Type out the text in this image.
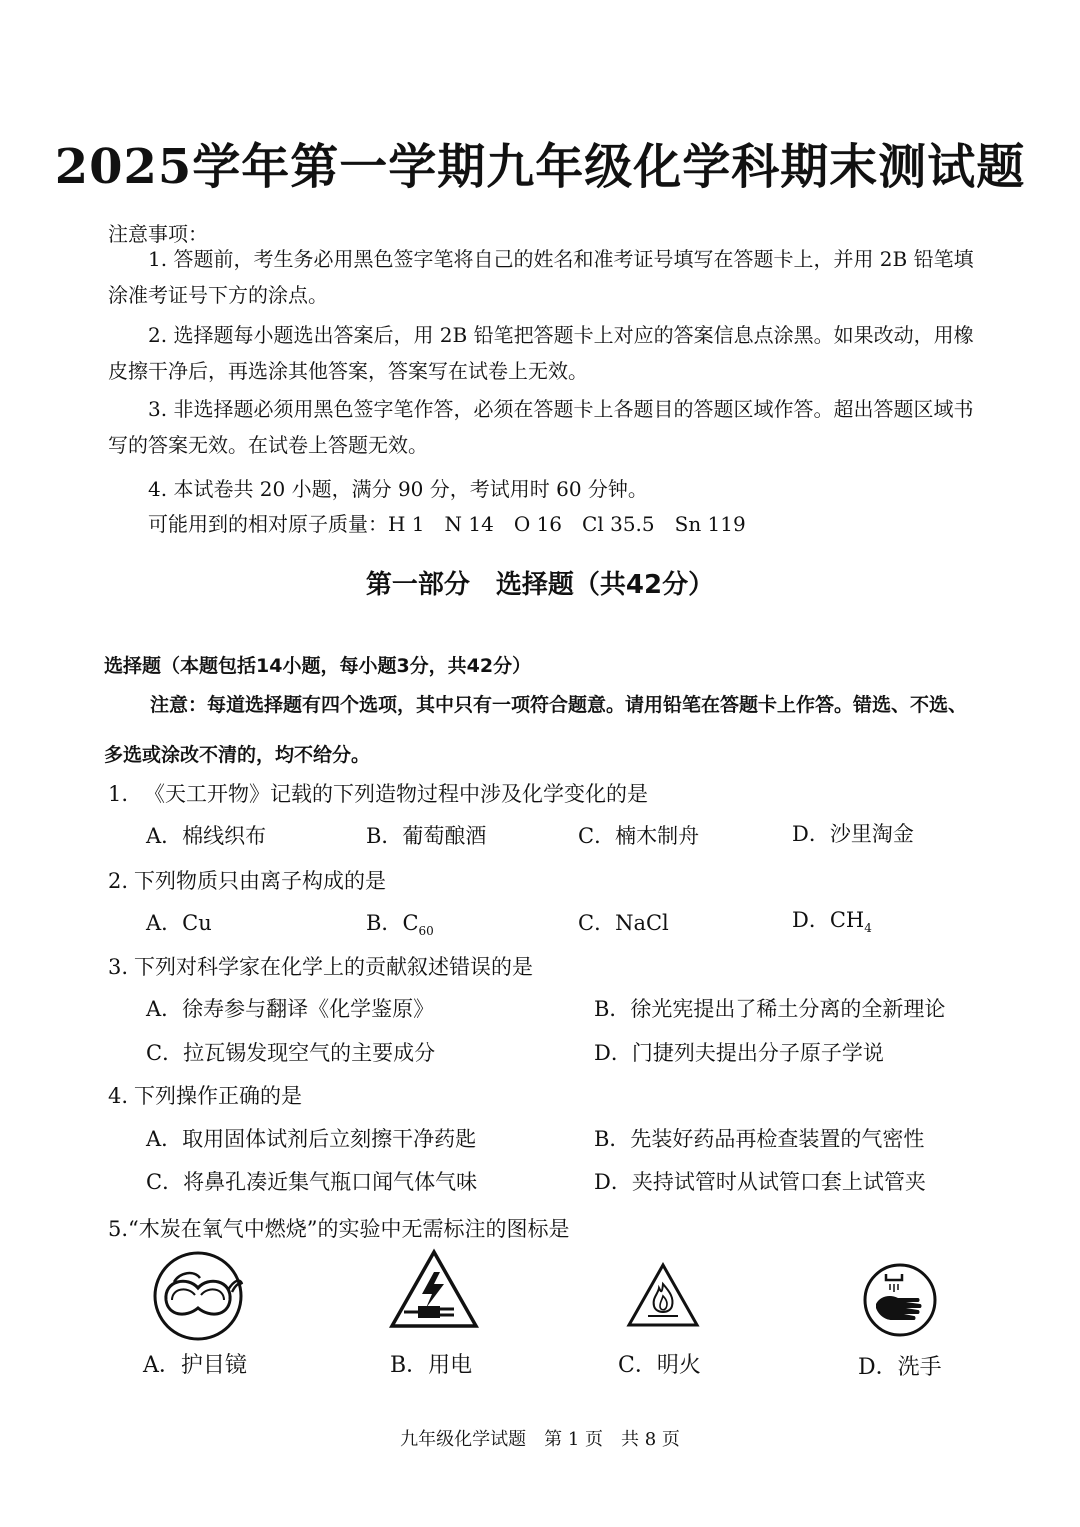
2025学年第一学期九年级化学科期末测试题
注意事项：
1. 答题前，考生务必用黑色签字笔将自己的姓名和准考证号填写在答题卡上，并用 2B 铅笔填涂准考证号下方的涂点。
2. 选择题每小题选出答案后，用 2B 铅笔把答题卡上对应的答案信息点涂黑。如果改动，用橡皮擦干净后，再选涂其他答案，答案写在试卷上无效。
3. 非选择题必须用黑色签字笔作答，必须在答题卡上各题目的答题区域作答。超出答题区域书写的答案无效。在试卷上答题无效。
4. 本试卷共 20 小题，满分 90 分，考试用时 60 分钟。
可能用到的相对原子质量：H 1　N 14　O 16　Cl 35.5　Sn 119
第一部分　选择题（共42分）
选择题（本题包括14小题，每小题3分，共42分）
注意：每道选择题有四个选项，其中只有一项符合题意。请用铅笔在答题卡上作答。错选、不选、多选或涂改不清的，均不给分。
1. 《天工开物》记载的下列造物过程中涉及化学变化的是
A．棉线织布	B．葡萄酿酒	C．楠木制舟	D．沙里淘金
2. 下列物质只由离子构成的是
A．Cu	B．$C_{60}$	C．NaCl	D．$CH_4$
3. 下列对科学家在化学上的贡献叙述错误的是
A．徐寿参与翻译《化学鉴原》	B．徐光宪提出了稀土分离的全新理论
C．拉瓦锡发现空气的主要成分	D．门捷列夫提出分子原子学说
4. 下列操作正确的是
A．取用固体试剂后立刻擦干净药匙	B．先装好药品再检查装置的气密性
C．将鼻孔凑近集气瓶口闻气体气味	D．夹持试管时从试管口套上试管夹
5.“木炭在氧气中燃烧”的实验中无需标注的图标是
A．护目镜	B．用电	C．明火	D．洗手
九年级化学试题　第 1 页　共 8 页
